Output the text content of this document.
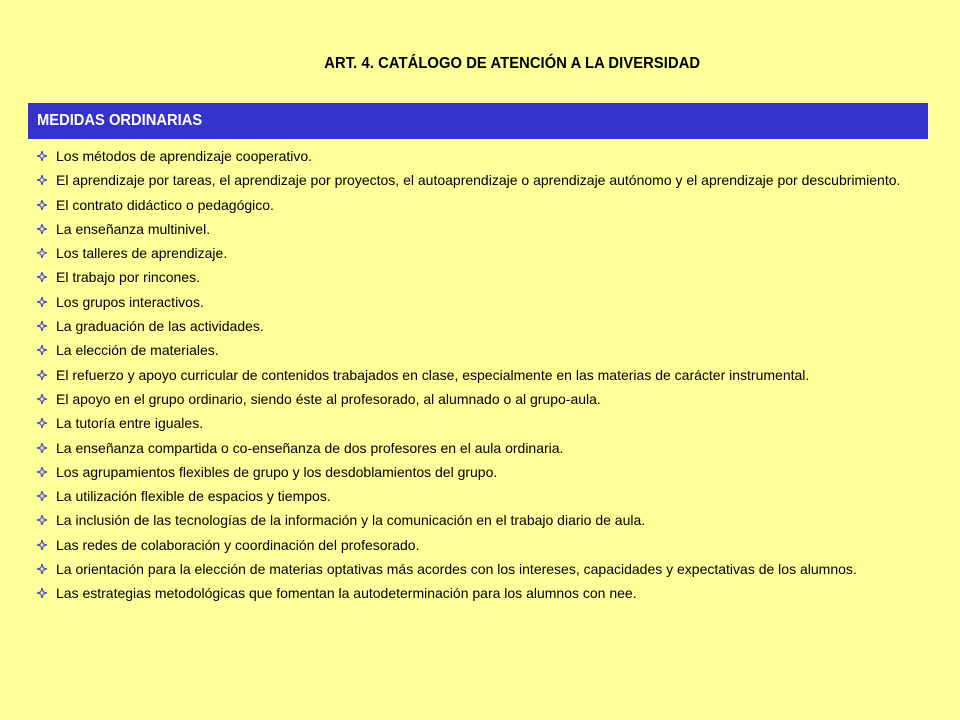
ART. 4. CATÁLOGO DE ATENCIÓN A LA DIVERSIDAD
MEDIDAS ORDINARIAS
Los métodos de aprendizaje cooperativo.
El aprendizaje por tareas, el aprendizaje por proyectos, el autoaprendizaje o aprendizaje autónomo y el aprendizaje por descubrimiento.
El contrato didáctico o pedagógico.
La enseñanza multinivel.
Los talleres de aprendizaje.
El trabajo por rincones.
Los grupos interactivos.
La graduación de las actividades.
La elección de materiales.
El refuerzo y apoyo curricular de contenidos trabajados en clase, especialmente en las materias de carácter instrumental.
El apoyo en el grupo ordinario, siendo éste al profesorado, al alumnado o al grupo-aula.
La tutoría entre iguales.
La enseñanza compartida o co-enseñanza de dos profesores en el aula ordinaria.
Los agrupamientos flexibles de grupo y los desdoblamientos del grupo.
La utilización flexible de espacios y tiempos.
La inclusión de las tecnologías de la información y la comunicación en el trabajo diario de aula.
Las redes de colaboración y coordinación del profesorado.
La orientación para la elección de materias optativas más acordes con los intereses, capacidades y expectativas de los alumnos.
Las estrategias metodológicas que fomentan la autodeterminación para los alumnos con nee.
